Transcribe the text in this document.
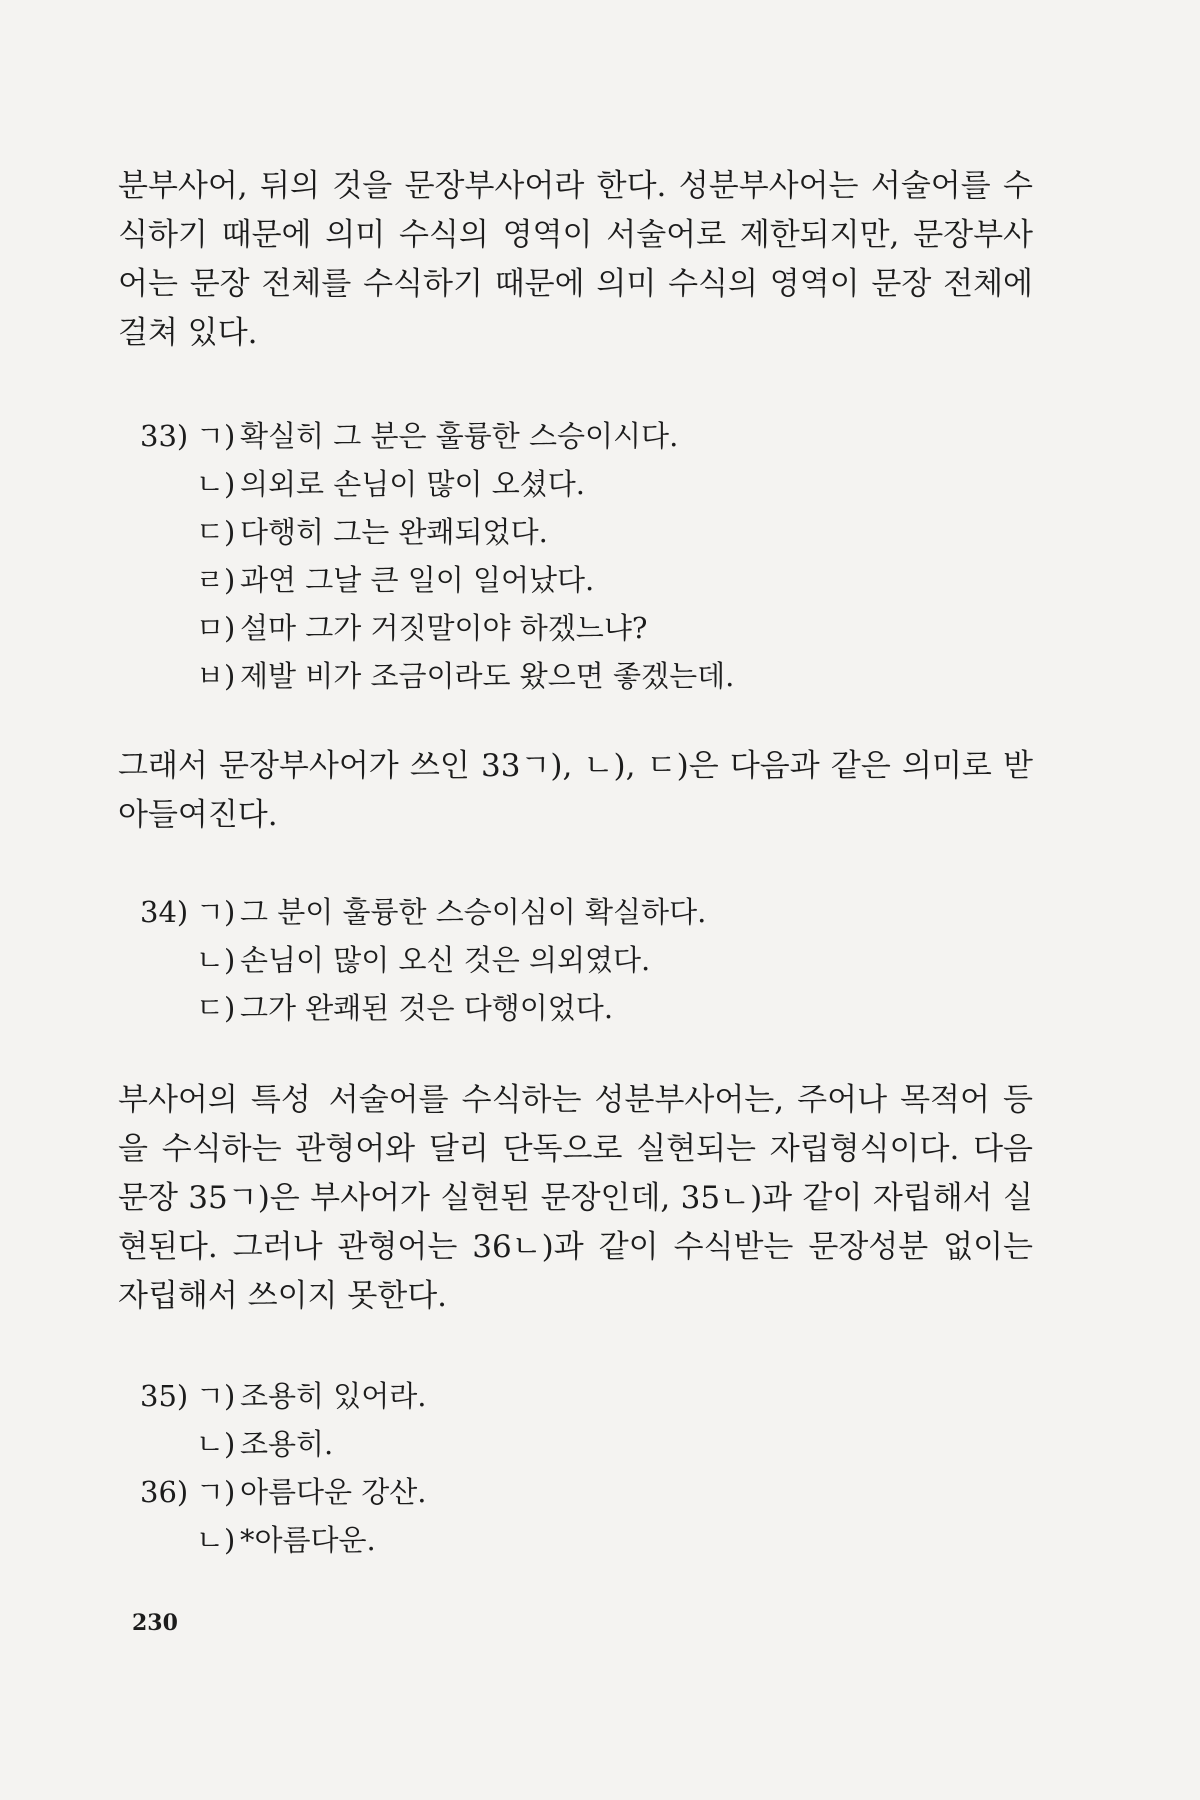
분부사어, 뒤의 것을 문장부사어라 한다. 성분부사어는 서술어를 수식하기 때문에 의미 수식의 영역이 서술어로 제한되지만, 문장부사어는 문장 전체를 수식하기 때문에 의미 수식의 영역이 문장 전체에 걸쳐 있다.

33) ㄱ) 확실히 그 분은 훌륭한 스승이시다.
ㄴ) 의외로 손님이 많이 오셨다.
ㄷ) 다행히 그는 완쾌되었다.
ㄹ) 과연 그날 큰 일이 일어났다.
ㅁ) 설마 그가 거짓말이야 하겠느냐?
ㅂ) 제발 비가 조금이라도 왔으면 좋겠는데.

그래서 문장부사어가 쓰인 33ㄱ), ㄴ), ㄷ)은 다음과 같은 의미로 받아들여진다.

34) ㄱ) 그 분이 훌륭한 스승이심이 확실하다.
ㄴ) 손님이 많이 오신 것은 의외였다.
ㄷ) 그가 완쾌된 것은 다행이었다.

부사어의 특성 서술어를 수식하는 성분부사어는, 주어나 목적어 등을 수식하는 관형어와 달리 단독으로 실현되는 자립형식이다. 다음 문장 35ㄱ)은 부사어가 실현된 문장인데, 35ㄴ)과 같이 자립해서 실현된다. 그러나 관형어는 36ㄴ)과 같이 수식받는 문장성분 없이는 자립해서 쓰이지 못한다.

35) ㄱ) 조용히 있어라.
ㄴ) 조용히.
36) ㄱ) 아름다운 강산.
ㄴ) *아름다운.
230
